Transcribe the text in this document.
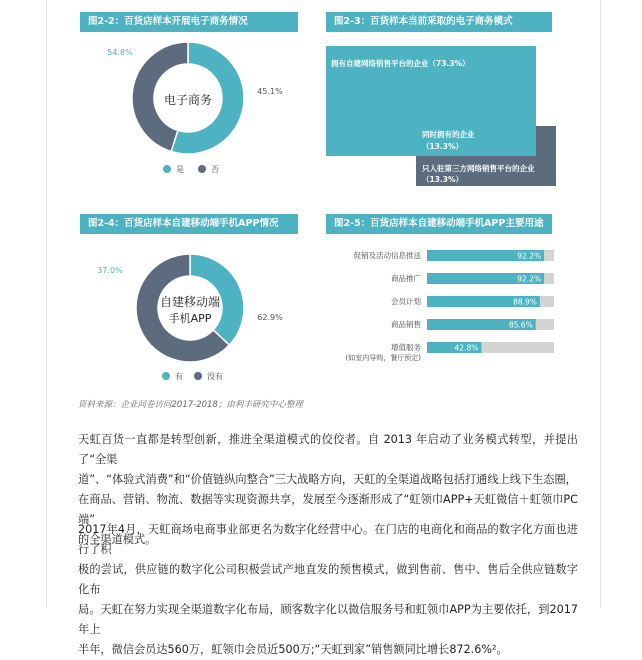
图2-2：百货店样本开展电子商务情况	图2-3：百货样本当前采取的电子商务模式
图2-4：百货店样本自建移动端手机APP情况	图2-5：百货店样本自建移动端手机APP主要用途
电子商务
54.8%
45.1%
是	否
拥有自建网络销售平台的企业（73.3%）
同时拥有的企业
（13.3%）
只入驻第三方网络销售平台的企业
（13.3%）
自建移动端
手机APP
37.0%
62.9%
有	没有
促销及活动信息推送	92.2%
商品推广	92.2%
会员计划	88.9%
商品销售	85.6%
增值服务
(如室内导购，餐厅预定)
42.8%
资料来源：企业问卷访问2017-2018；由利丰研究中心整理
天虹百货一直都是转型创新，推进全渠道模式的佼佼者。自 2013 年启动了业务模式转型，并提出了“全渠
道”、“体验式消费”和“价值链纵向整合”三大战略方向，天虹的全渠道战略包括打通线上线下生态圈，
在商品、营销、物流、数据等实现资源共享，发展至今逐渐形成了“虹领巾APP+天虹微信＋虹领巾PC端”
的全渠道模式。
2017年4月，天虹商场电商事业部更名为数字化经营中心。在门店的电商化和商品的数字化方面也进行了积
极的尝试，供应链的数字化公司积极尝试产地直发的预售模式，做到售前、售中、售后全供应链数字化布
局。天虹在努力实现全渠道数字化布局，顾客数字化以微信服务号和虹领巾APP为主要依托，到2017年上
半年，微信会员达560万，虹领巾会员近500万;“天虹到家”销售额同比增长872.6%²。
